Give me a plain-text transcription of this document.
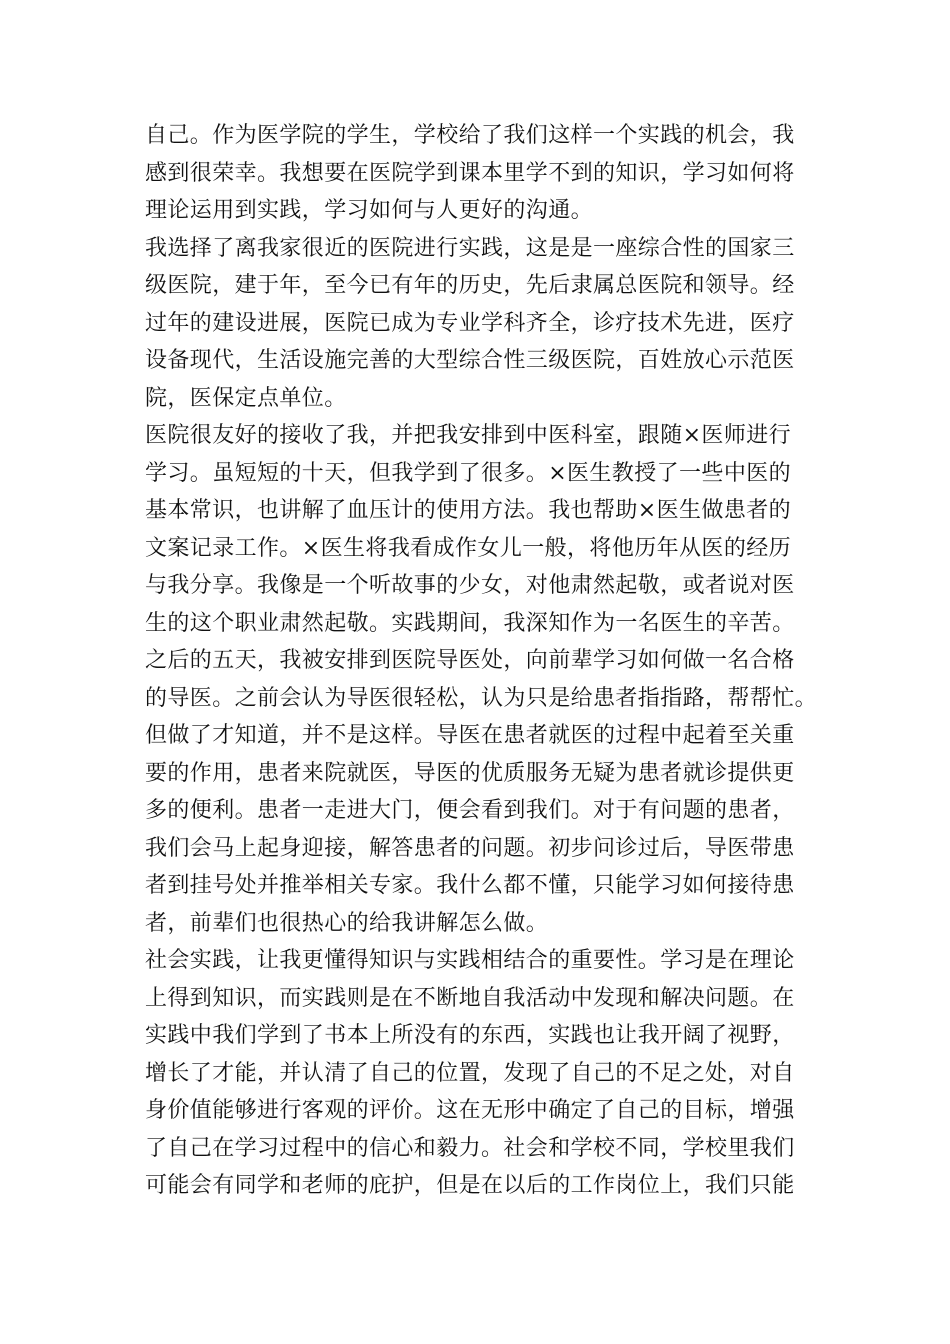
自己。作为医学院的学生，学校给了我们这样一个实践的机会，我
感到很荣幸。我想要在医院学到课本里学不到的知识，学习如何将
理论运用到实践，学习如何与人更好的沟通。
我选择了离我家很近的医院进行实践，这是是一座综合性的国家三
级医院，建于年，至今已有年的历史，先后隶属总医院和领导。经
过年的建设进展，医院已成为专业学科齐全，诊疗技术先进，医疗
设备现代，生活设施完善的大型综合性三级医院，百姓放心示范医
院，医保定点单位。
医院很友好的接收了我，并把我安排到中医科室，跟随×医师进行
学习。虽短短的十天，但我学到了很多。×医生教授了一些中医的
基本常识，也讲解了血压计的使用方法。我也帮助×医生做患者的
文案记录工作。×医生将我看成作女儿一般，将他历年从医的经历
与我分享。我像是一个听故事的少女，对他肃然起敬，或者说对医
生的这个职业肃然起敬。实践期间，我深知作为一名医生的辛苦。
之后的五天，我被安排到医院导医处，向前辈学习如何做一名合格
的导医。之前会认为导医很轻松，认为只是给患者指指路，帮帮忙。
但做了才知道，并不是这样。导医在患者就医的过程中起着至关重
要的作用，患者来院就医，导医的优质服务无疑为患者就诊提供更
多的便利。患者一走进大门，便会看到我们。对于有问题的患者，
我们会马上起身迎接，解答患者的问题。初步问诊过后，导医带患
者到挂号处并推举相关专家。我什么都不懂，只能学习如何接待患
者，前辈们也很热心的给我讲解怎么做。
社会实践，让我更懂得知识与实践相结合的重要性。学习是在理论
上得到知识，而实践则是在不断地自我活动中发现和解决问题。在
实践中我们学到了书本上所没有的东西，实践也让我开阔了视野，
增长了才能，并认清了自己的位置，发现了自己的不足之处，对自
身价值能够进行客观的评价。这在无形中确定了自己的目标，增强
了自己在学习过程中的信心和毅力。社会和学校不同，学校里我们
可能会有同学和老师的庇护，但是在以后的工作岗位上，我们只能
